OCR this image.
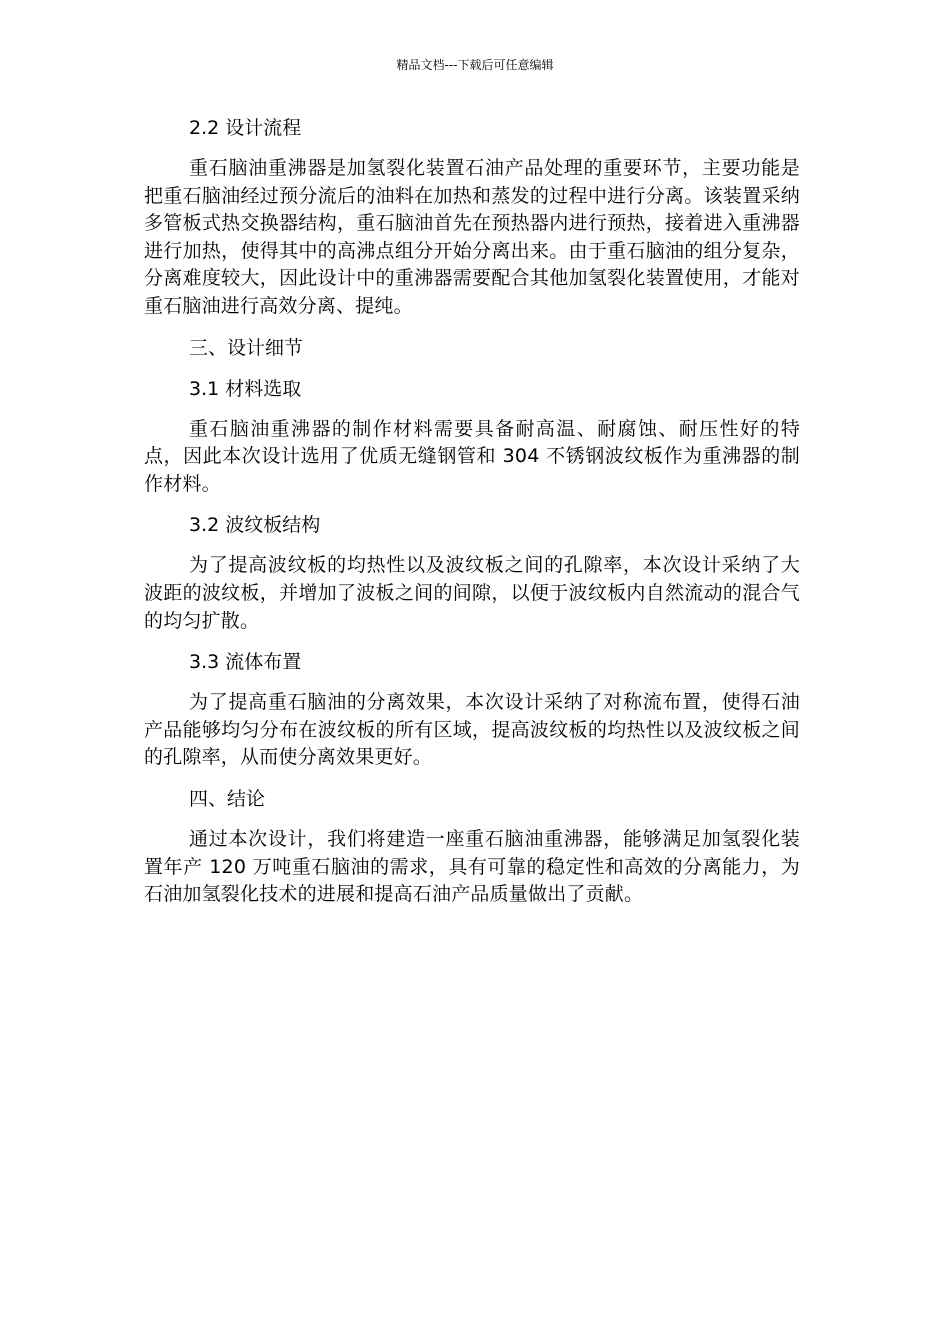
精品文档---下载后可任意编辑
2.2 设计流程

重石脑油重沸器是加氢裂化装置石油产品处理的重要环节，主要功能是把重石脑油经过预分流后的油料在加热和蒸发的过程中进行分离。该装置采纳多管板式热交换器结构，重石脑油首先在预热器内进行预热，接着进入重沸器进行加热，使得其中的高沸点组分开始分离出来。由于重石脑油的组分复杂，分离难度较大，因此设计中的重沸器需要配合其他加氢裂化装置使用，才能对重石脑油进行高效分离、提纯。

三、设计细节
3.1 材料选取

重石脑油重沸器的制作材料需要具备耐高温、耐腐蚀、耐压性好的特点，因此本次设计选用了优质无缝钢管和 304 不锈钢波纹板作为重沸器的制作材料。

3.2 波纹板结构

为了提高波纹板的均热性以及波纹板之间的孔隙率，本次设计采纳了大波距的波纹板，并增加了波板之间的间隙，以便于波纹板内自然流动的混合气的均匀扩散。

3.3 流体布置

为了提高重石脑油的分离效果，本次设计采纳了对称流布置，使得石油产品能够均匀分布在波纹板的所有区域，提高波纹板的均热性以及波纹板之间的孔隙率，从而使分离效果更好。

四、结论

通过本次设计，我们将建造一座重石脑油重沸器，能够满足加氢裂化装置年产 120 万吨重石脑油的需求，具有可靠的稳定性和高效的分离能力，为石油加氢裂化技术的进展和提高石油产品质量做出了贡献。
